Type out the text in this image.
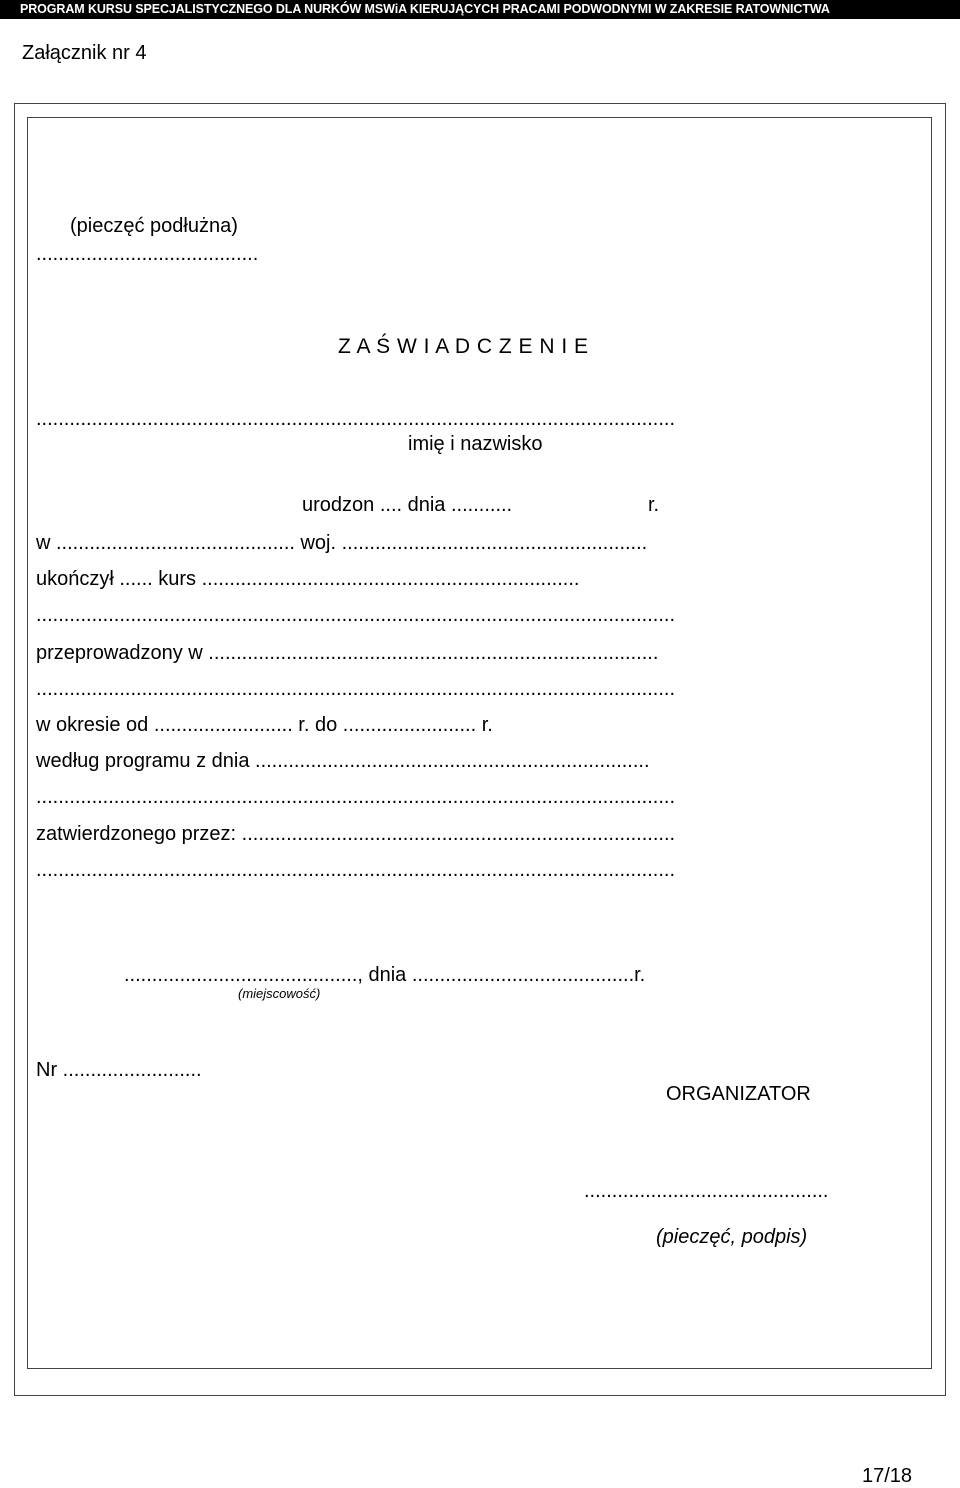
PROGRAM KURSU SPECJALISTYCZNEGO DLA NURKÓW MSWiA KIERUJĄCYCH PRACAMI PODWODNYMI W ZAKRESIE RATOWNICTWA
Załącznik nr 4
(pieczęć podłużna)
........................................
Z A Ś W I A D C Z E N I E
...................................................................................................................
imię i nazwisko
urodzon .... dnia ...........	r.
w ........................................... woj. .......................................................
ukończył ...... kurs ....................................................................
...................................................................................................................
przeprowadzony w .................................................................................
...................................................................................................................
w okresie od ......................... r. do ........................ r.
według programu z dnia .......................................................................
...................................................................................................................
zatwierdzonego przez: ..............................................................................
...................................................................................................................
.........................................., dnia ........................................r.
(miejscowość)
Nr .........................
ORGANIZATOR
............................................
(pieczęć, podpis)
17/18
